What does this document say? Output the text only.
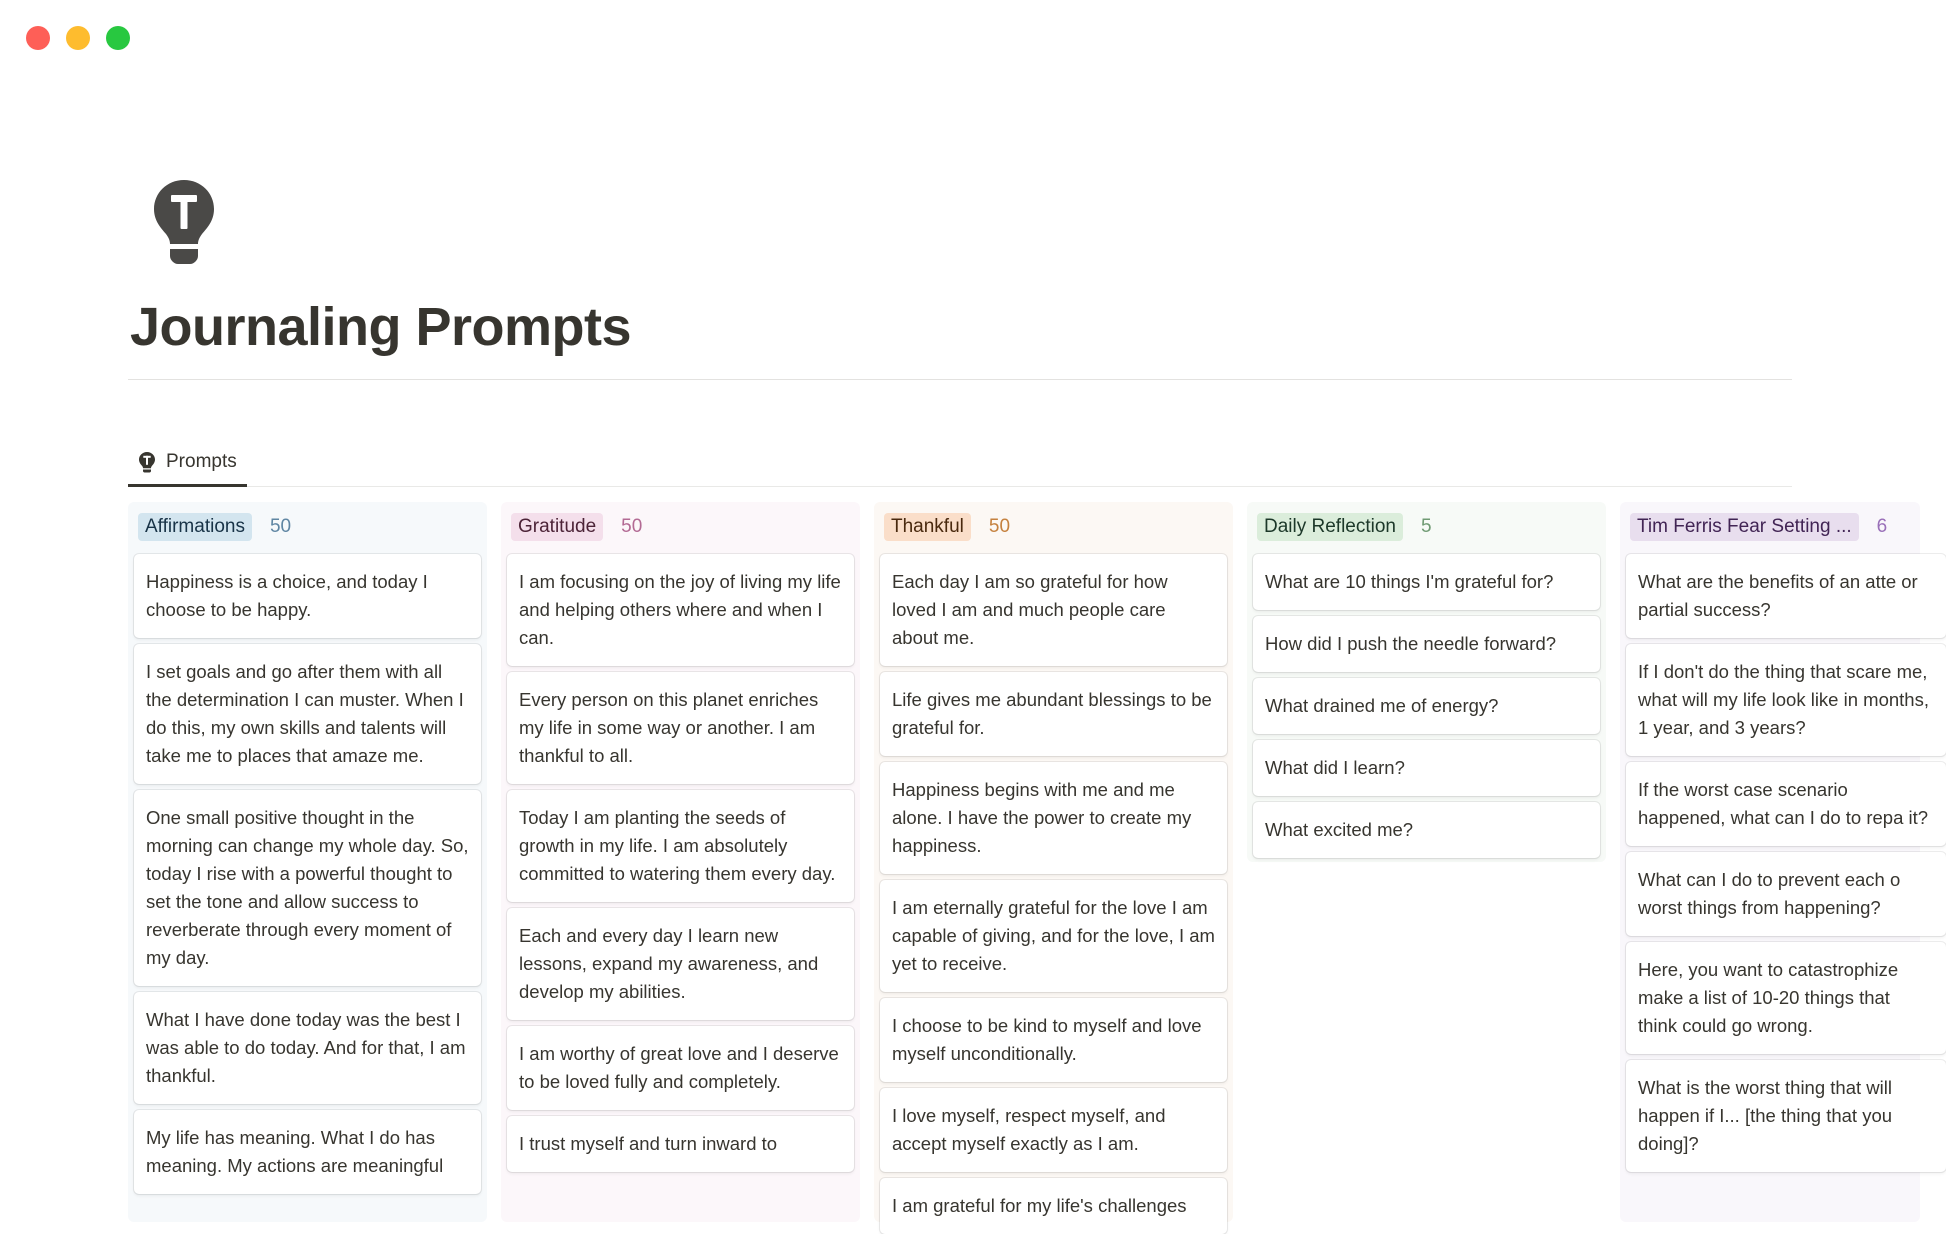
Journaling Prompts
Prompts
Affirmations	50
Happiness is a choice, and today I choose to be happy.
I set goals and go after them with all the determination I can muster. When I do this, my own skills and talents will take me to places that amaze me.
One small positive thought in the morning can change my whole day. So, today I rise with a powerful thought to set the tone and allow success to reverberate through every moment of my day.
What I have done today was the best I was able to do today. And for that, I am thankful.
My life has meaning. What I do has meaning. My actions are meaningful
Gratitude	50
I am focusing on the joy of living my life and helping others where and when I can.
Every person on this planet enriches my life in some way or another. I am thankful to all.
Today I am planting the seeds of growth in my life. I am absolutely committed to watering them every day.
Each and every day I learn new lessons, expand my awareness, and develop my abilities.
I am worthy of great love and I deserve to be loved fully and completely.
I trust myself and turn inward to
Thankful	50
Each day I am so grateful for how loved I am and much people care about me.
Life gives me abundant blessings to be grateful for.
Happiness begins with me and me alone. I have the power to create my happiness.
I am eternally grateful for the love I am capable of giving, and for the love, I am yet to receive.
I choose to be kind to myself and love myself unconditionally.
I love myself, respect myself, and accept myself exactly as I am.
I am grateful for my life's challenges
Daily Reflection	5
What are 10 things I'm grateful for?
How did I push the needle forward?
What drained me of energy?
What did I learn?
What excited me?
Tim Ferris Fear Setting ...	6
What are the benefits of an atte or partial success?
If I don't do the thing that scare me, what will my life look like in months, 1 year, and 3 years?
If the worst case scenario happened, what can I do to repa it?
What can I do to prevent each o worst things from happening?
Here, you want to catastrophize make a list of 10-20 things that think could go wrong.
What is the worst thing that will happen if I... [the thing that you doing]?
